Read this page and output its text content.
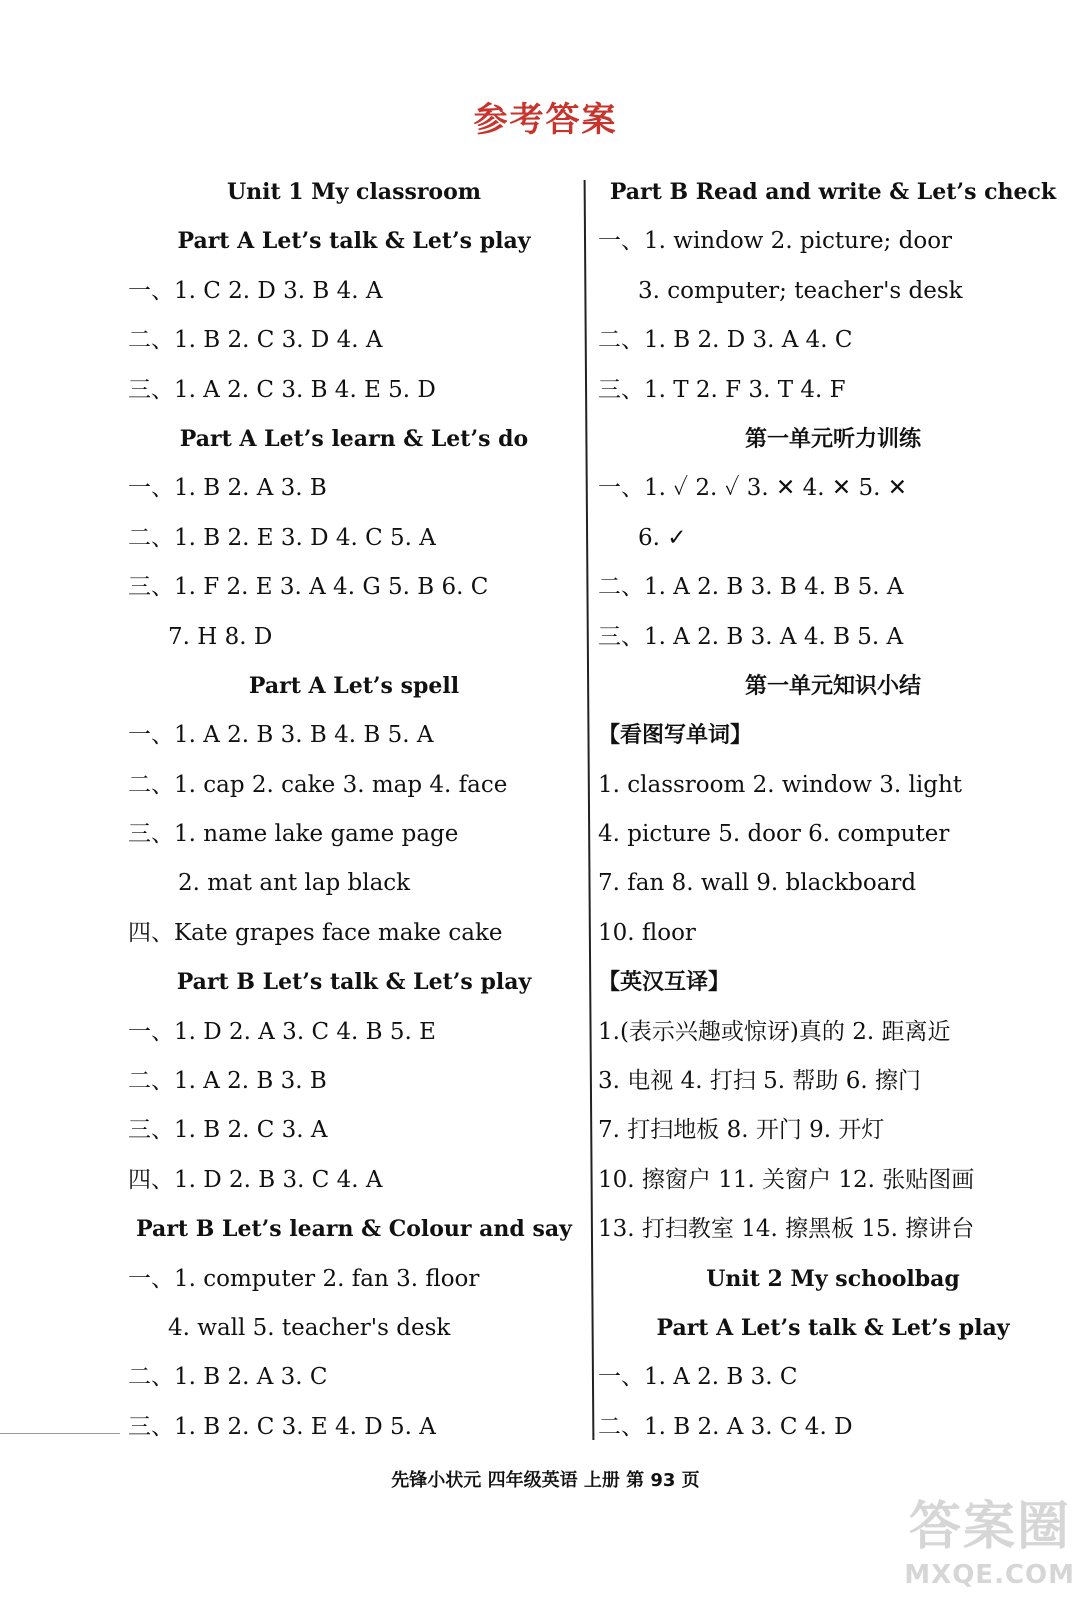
参考答案
Unit 1 My classroom
Part A Let’s talk & Let’s play
一、1. C 2. D 3. B 4. A
二、1. B 2. C 3. D 4. A
三、1. A 2. C 3. B 4. E 5. D
Part A Let’s learn & Let’s do
一、1. B 2. A 3. B
二、1. B 2. E 3. D 4. C 5. A
三、1. F 2. E 3. A 4. G 5. B 6. C
7. H 8. D
Part A Let’s spell
一、1. A 2. B 3. B 4. B 5. A
二、1. cap 2. cake 3. map 4. face
三、1. name lake game page
2. mat ant lap black
四、Kate grapes face make cake
Part B Let’s talk & Let’s play
一、1. D 2. A 3. C 4. B 5. E
二、1. A 2. B 3. B
三、1. B 2. C 3. A
四、1. D 2. B 3. C 4. A
Part B Let’s learn & Colour and say
一、1. computer 2. fan 3. floor
4. wall 5. teacher's desk
二、1. B 2. A 3. C
三、1. B 2. C 3. E 4. D 5. A
Part B Read and write & Let’s check
一、1. window 2. picture; door
3. computer; teacher's desk
二、1. B 2. D 3. A 4. C
三、1. T 2. F 3. T 4. F
第一单元听力训练
一、1. ✓ 2. ✓ 3. ✕ 4. ✕ 5. ✕
6. ✓
二、1. A 2. B 3. B 4. B 5. A
三、1. A 2. B 3. A 4. B 5. A
第一单元知识小结
【看图写单词】
1. classroom 2. window 3. light
4. picture 5. door 6. computer
7. fan 8. wall 9. blackboard
10. floor
【英汉互译】
1.(表示兴趣或惊讶)真的 2. 距离近
3. 电视 4. 打扫 5. 帮助 6. 擦门
7. 打扫地板 8. 开门 9. 开灯
10. 擦窗户 11. 关窗户 12. 张贴图画
13. 打扫教室 14. 擦黑板 15. 擦讲台
Unit 2 My schoolbag
Part A Let’s talk & Let’s play
一、1. A 2. B 3. C
二、1. B 2. A 3. C 4. D
先锋小状元 四年级英语 上册 第 93 页
答案圈
MXQE.COM
